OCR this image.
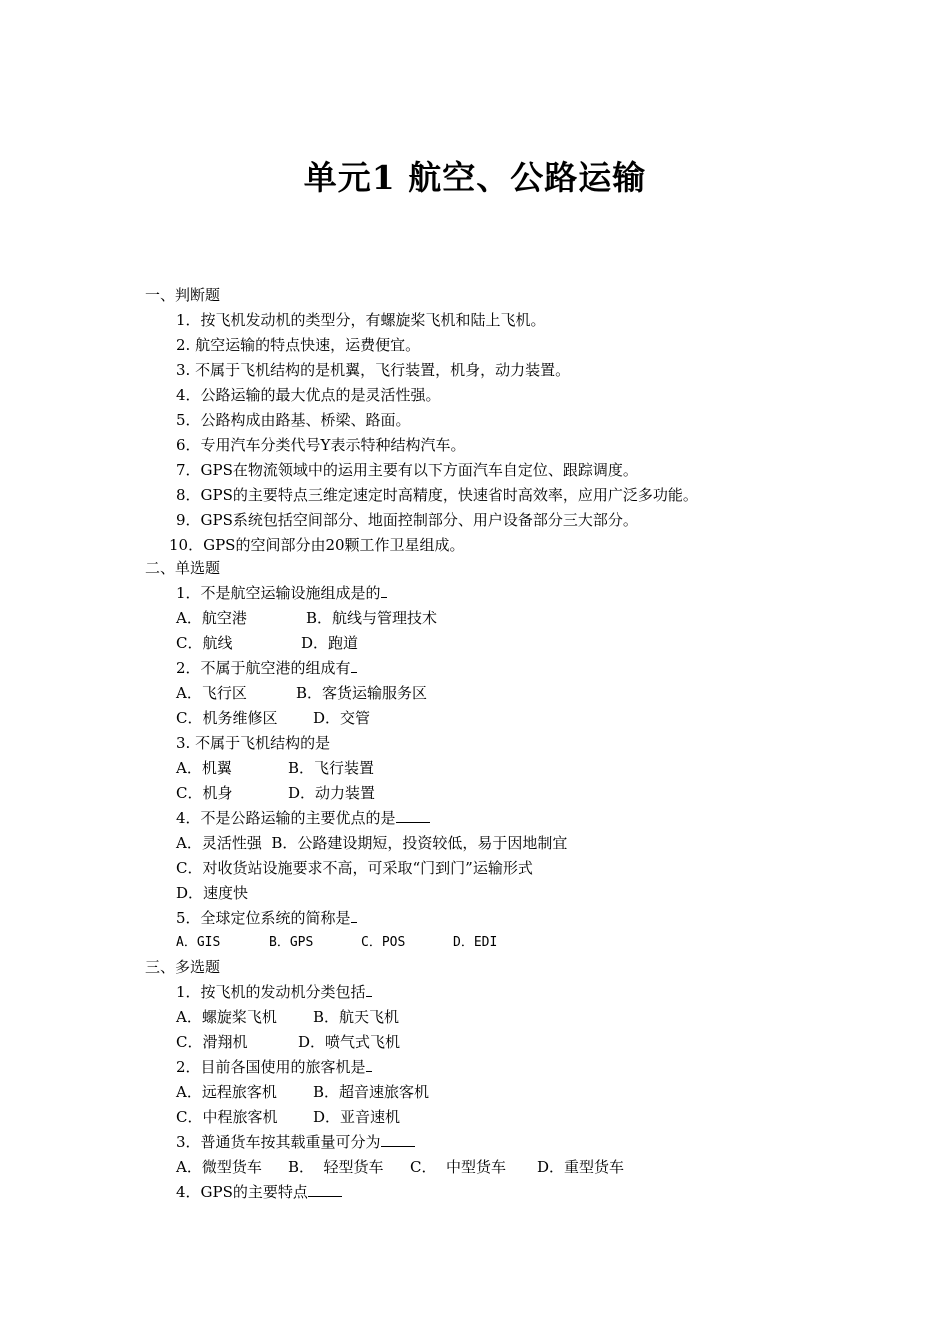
单元1 航空、公路运输
一、判断题
1．按飞机发动机的类型分，有螺旋桨飞机和陆上飞机。
2. 航空运输的特点快速，运费便宜。
3. 不属于飞机结构的是机翼，飞行装置，机身，动力装置。
4．公路运输的最大优点的是灵活性强。
5．公路构成由路基、桥梁、路面。
6．专用汽车分类代号Y表示特种结构汽车。
7．GPS在物流领域中的运用主要有以下方面汽车自定位、跟踪调度。
8．GPS的主要特点三维定速定时高精度，快速省时高效率，应用广泛多功能。
9．GPS系统包括空间部分、地面控制部分、用户设备部分三大部分。
10．GPS的空间部分由20颗工作卫星组成。
二、单选题
1．不是航空运输设施组成是的
A．航空港	B．航线与管理技术
C．航线	D．跑道
2．不属于航空港的组成有
A．飞行区	B．客货运输服务区
C．机务维修区 D．交管
3. 不属于飞机结构的是
A．机翼	B．飞行装置
C．机身	D．动力装置
4．不是公路运输的主要优点的是
A．灵活性强  B．公路建设期短，投资较低，易于因地制宜
C．对收货站设施要求不高，可采取“门到门”运输形式
D．速度快
5．全球定位系统的简称是
A．GIS	B．GPS	C．POS	D．EDI
三、多选题
1．按飞机的发动机分类包括
A．螺旋桨飞机 B．航天飞机
C．滑翔机	D．喷气式飞机
2．目前各国使用的旅客机是
A．远程旅客机 B．超音速旅客机
C．中程旅客机 D．亚音速机
3．普通货车按其载重量可分为
A．微型货车 B．  轻型货车 C．  中型货车 D．重型货车
4．GPS的主要特点
